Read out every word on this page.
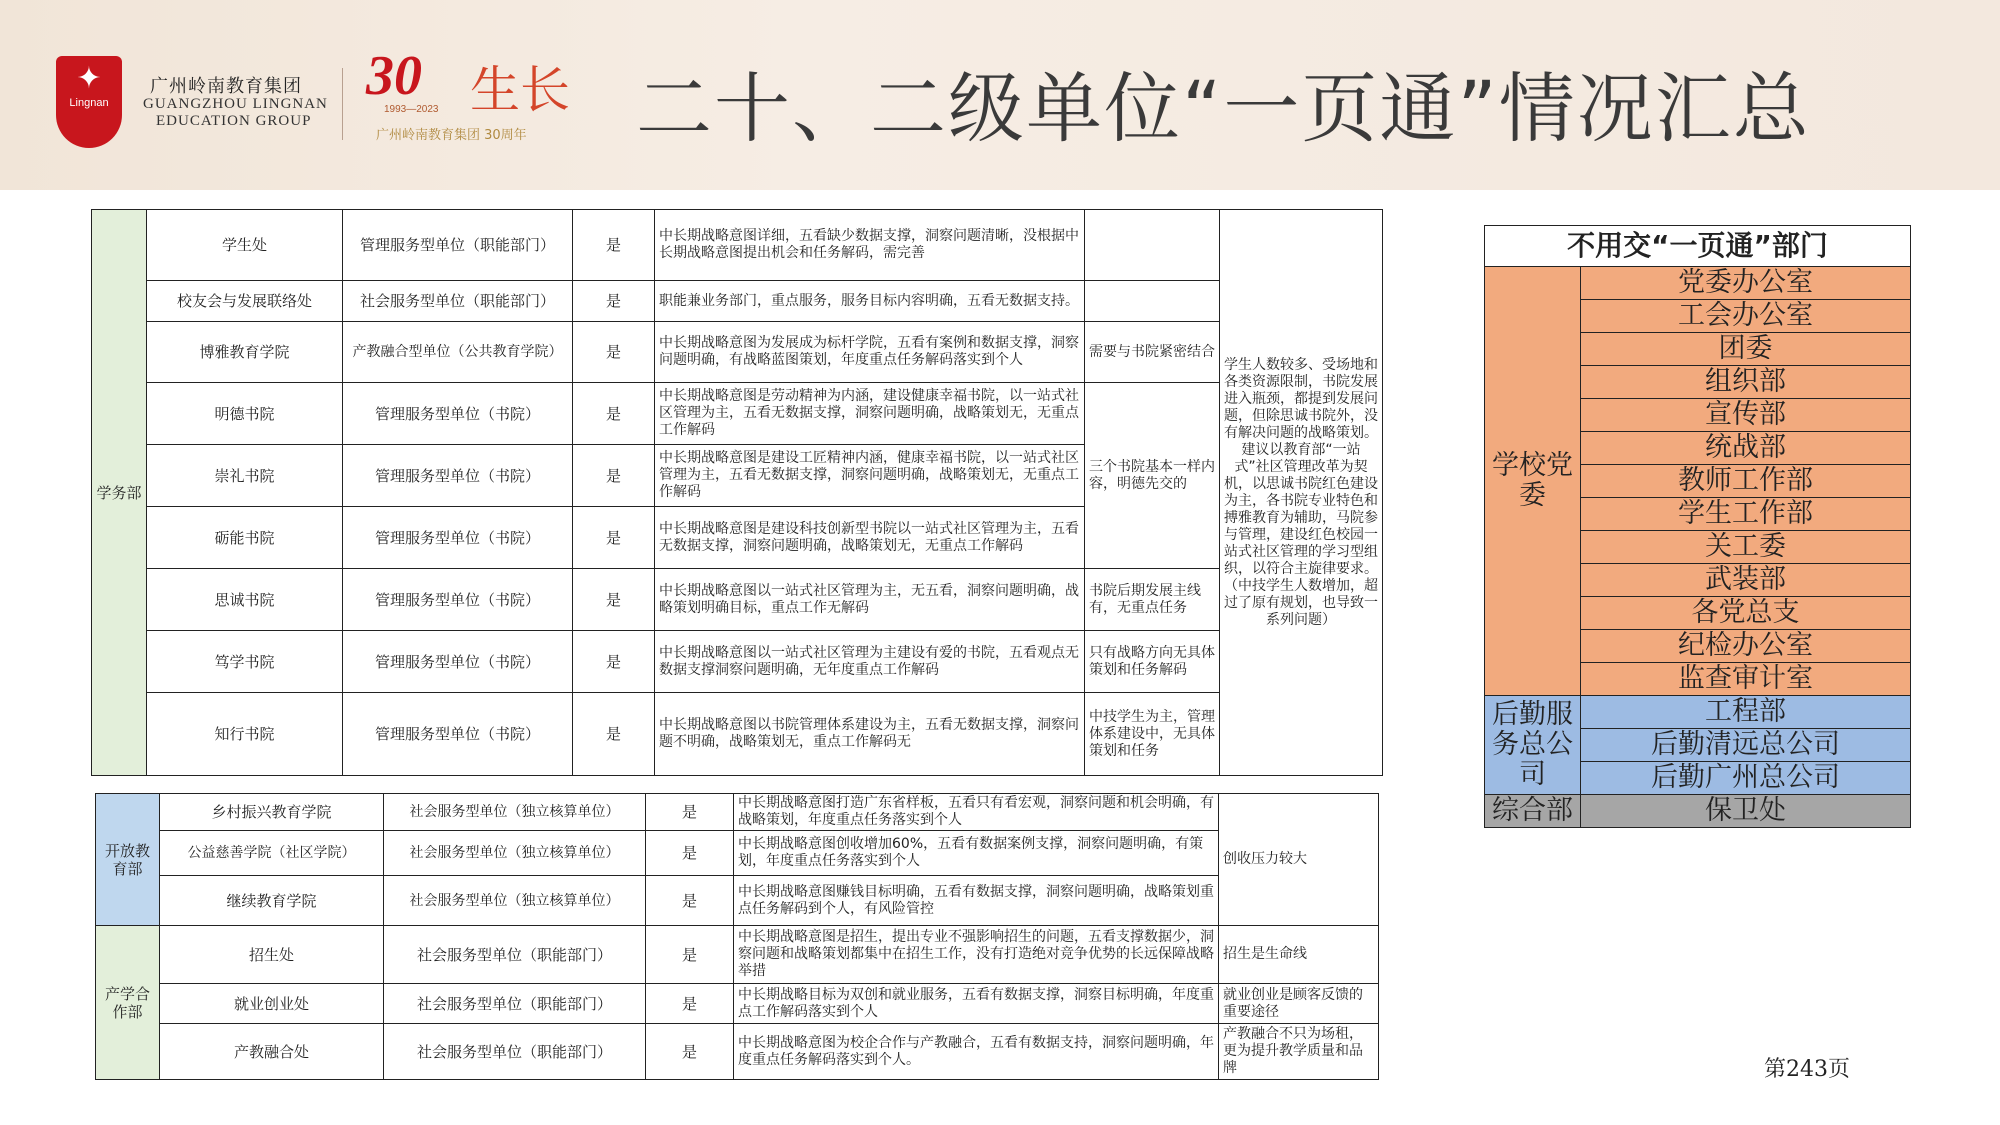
✦
Lingnan
广州岭南教育集团
GUANGZHOU LINGNAN
EDUCATION GROUP
30
1993—2023 生长
广州岭南教育集团 30周年 二十、二级单位“一页通”情况汇总
学务部	学生处	管理服务型单位（职能部门）	是	中长期战略意图详细，五看缺少数据支撑，洞察问题清晰，没根据中长期战略意图提出机会和任务解码，需完善		学生人数较多、受场地和各类资源限制，书院发展进入瓶颈，都提到发展问题，但除思诚书院外，没有解决问题的战略策划。建议以教育部“一站式”社区管理改革为契机，以思诚书院红色建设为主，各书院专业特色和搏雅教育为辅助，马院参与管理，建设红色校园一站式社区管理的学习型组织，以符合主旋律要求。（中技学生人数增加，超过了原有规划，也导致一系列问题）
	校友会与发展联络处	社会服务型单位（职能部门）	是	职能兼业务部门，重点服务，服务目标内容明确，五看无数据支持。		
	博雅教育学院	产教融合型单位（公共教育学院）	是	中长期战略意图为发展成为标杆学院，五看有案例和数据支撑，洞察问题明确，有战略蓝图策划，年度重点任务解码落实到个人	需要与书院紧密结合	
	明德书院	管理服务型单位（书院）	是	中长期战略意图是劳动精神为内涵，建设健康幸福书院，以一站式社区管理为主，五看无数据支撑，洞察问题明确，战略策划无，无重点工作解码	三个书院基本一样内容，明德先交的	
	崇礼书院	管理服务型单位（书院）	是	中长期战略意图是建设工匠精神内涵，健康幸福书院，以一站式社区管理为主，五看无数据支撑，洞察问题明确，战略策划无，无重点工作解码		
	砺能书院	管理服务型单位（书院）	是	中长期战略意图是建设科技创新型书院以一站式社区管理为主，五看无数据支撑，洞察问题明确，战略策划无，无重点工作解码		
	思诚书院	管理服务型单位（书院）	是	中长期战略意图以一站式社区管理为主，无五看，洞察问题明确，战略策划明确目标，重点工作无解码	书院后期发展主线有，无重点任务	
	笃学书院	管理服务型单位（书院）	是	中长期战略意图以一站式社区管理为主建设有爱的书院，五看观点无数据支撑洞察问题明确，无年度重点工作解码	只有战略方向无具体策划和任务解码	
	知行书院	管理服务型单位（书院）	是	中长期战略意图以书院管理体系建设为主，五看无数据支撑，洞察问题不明确，战略策划无，重点工作解码无	中技学生为主，管理体系建设中，无具体策划和任务	
开放教育部	乡村振兴教育学院	社会服务型单位（独立核算单位）	是	中长期战略意图打造广东省样板，五看只有看宏观，洞察问题和机会明确，有战略策划，年度重点任务落实到个人	创收压力较大
	公益慈善学院（社区学院）	社会服务型单位（独立核算单位）	是	中长期战略意图创收增加60%，五看有数据案例支撑，洞察问题明确，有策划，年度重点任务落实到个人	
	继续教育学院	社会服务型单位（独立核算单位）	是	中长期战略意图赚钱目标明确，五看有数据支撑，洞察问题明确，战略策划重点任务解码到个人，有风险管控	
产学合作部	招生处	社会服务型单位（职能部门）	是	中长期战略意图是招生，提出专业不强影响招生的问题，五看支撑数据少，洞察问题和战略策划都集中在招生工作，没有打造绝对竞争优势的长远保障战略举措	招生是生命线
	就业创业处	社会服务型单位（职能部门）	是	中长期战略目标为双创和就业服务，五看有数据支撑，洞察目标明确，年度重点工作解码落实到个人	就业创业是顾客反馈的重要途径
	产教融合处	社会服务型单位（职能部门）	是	中长期战略意图为校企合作与产教融合，五看有数据支持，洞察问题明确，年度重点任务解码落实到个人。	产教融合不只为场租，更为提升教学质量和品牌
不用交“一页通”部门	
学校党委	党委办公室
	工会办公室
	团委
	组织部
	宣传部
	统战部
	教师工作部
	学生工作部
	关工委
	武装部
	各党总支
	纪检办公室
	监查审计室
后勤服务总公司	工程部
	后勤清远总公司
	后勤广州总公司
综合部	保卫处
第243页
